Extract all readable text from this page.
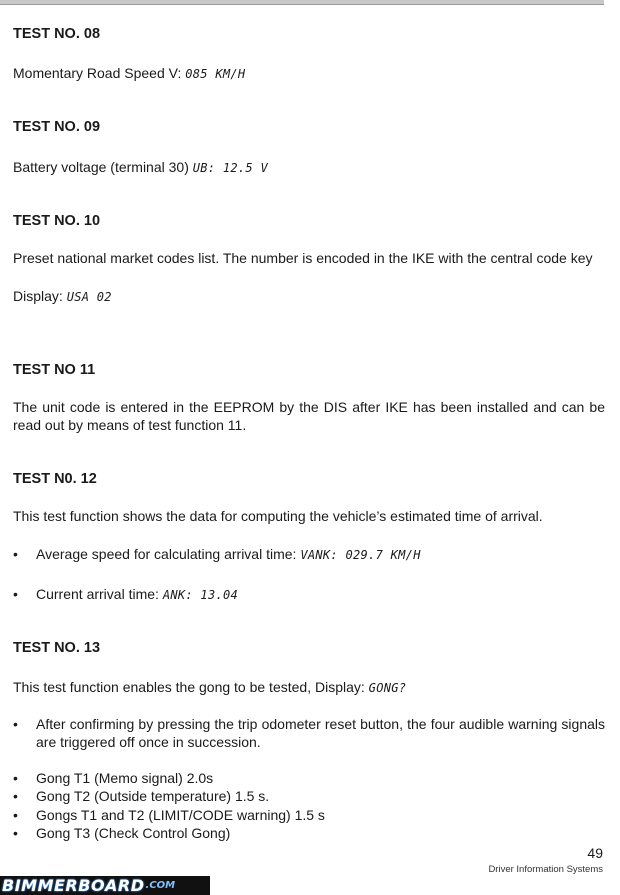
TEST NO. 08

Momentary Road Speed V: 085 KM/H

TEST NO. 09

Battery voltage (terminal 30) UB: 12.5 V

TEST NO. 10

Preset national market codes list. The number is encoded in the IKE with the central code key

Display: USA 02

TEST NO 11

The unit code is entered in the EEPROM by the DIS after IKE has been installed and can be read out by means of test function 11.

TEST N0. 12

This test function shows the data for computing the vehicle’s estimated time of arrival.

• Average speed for calculating arrival time: VANK: 029.7 KM/H
• Current arrival time: ANK: 13.04

TEST NO. 13

This test function enables the gong to be tested, Display: GONG?

• After confirming by pressing the trip odometer reset button, the four audible warning signals are triggered off once in succession.
• Gong T1 (Memo signal) 2.0s
• Gong T2 (Outside temperature) 1.5 s.
• Gongs T1 and T2 (LIMIT/CODE warning) 1.5 s
• Gong T3 (Check Control Gong)
49
Driver Information Systems
BIMMERBOARD .COM
